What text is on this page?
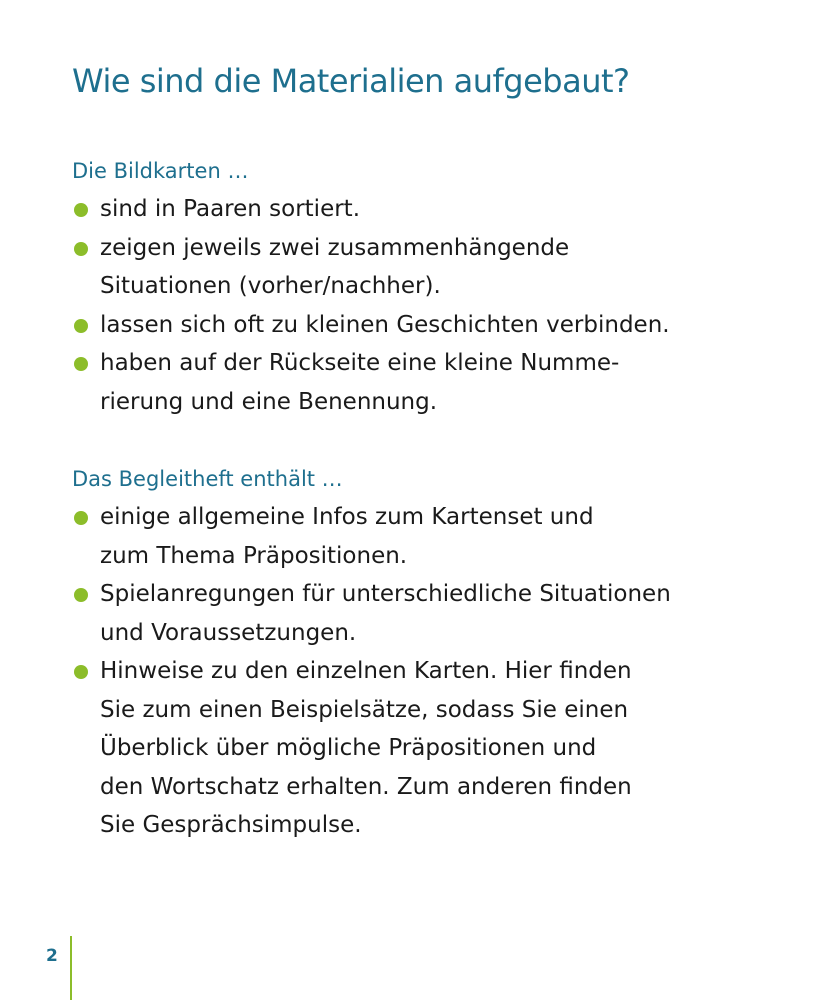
Wie sind die Materialien aufgebaut?
Die Bildkarten …
sind in Paaren sortiert.
zeigen jeweils zwei zusammenhängende
Situationen (vorher/nachher).
lassen sich oft zu kleinen Geschichten verbinden.
haben auf der Rückseite eine kleine Numme-
rierung und eine Benennung.
Das Begleitheft enthält …
einige allgemeine Infos zum Kartenset und
zum Thema Präpositionen.
Spielanregungen für unterschiedliche Situationen
und Voraussetzungen.
Hinweise zu den einzelnen Karten. Hier finden
Sie zum einen Beispielsätze, sodass Sie einen
Überblick über mögliche Präpositionen und
den Wortschatz erhalten. Zum anderen finden
Sie Gesprächsimpulse.
2
